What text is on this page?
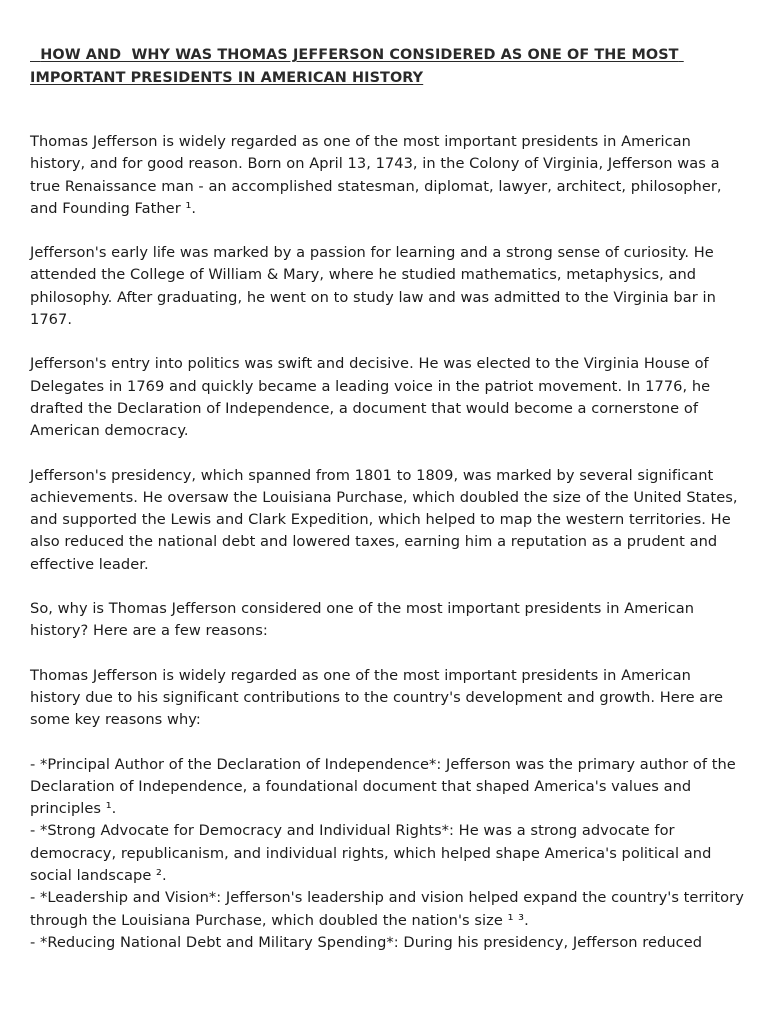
HOW AND  WHY WAS THOMAS JEFFERSON CONSIDERED AS ONE OF THE MOST IMPORTANT PRESIDENTS IN AMERICAN HISTORY

Thomas Jefferson is widely regarded as one of the most important presidents in American history, and for good reason. Born on April 13, 1743, in the Colony of Virginia, Jefferson was a true Renaissance man - an accomplished statesman, diplomat, lawyer, architect, philosopher, and Founding Father ¹.

Jefferson's early life was marked by a passion for learning and a strong sense of curiosity. He attended the College of William & Mary, where he studied mathematics, metaphysics, and philosophy. After graduating, he went on to study law and was admitted to the Virginia bar in 1767.

Jefferson's entry into politics was swift and decisive. He was elected to the Virginia House of Delegates in 1769 and quickly became a leading voice in the patriot movement. In 1776, he drafted the Declaration of Independence, a document that would become a cornerstone of American democracy.

Jefferson's presidency, which spanned from 1801 to 1809, was marked by several significant achievements. He oversaw the Louisiana Purchase, which doubled the size of the United States, and supported the Lewis and Clark Expedition, which helped to map the western territories. He also reduced the national debt and lowered taxes, earning him a reputation as a prudent and effective leader.

So, why is Thomas Jefferson considered one of the most important presidents in American history? Here are a few reasons:

Thomas Jefferson is widely regarded as one of the most important presidents in American history due to his significant contributions to the country's development and growth. Here are some key reasons why:

- *Principal Author of the Declaration of Independence*: Jefferson was the primary author of the Declaration of Independence, a foundational document that shaped America's values and principles ¹.
- *Strong Advocate for Democracy and Individual Rights*: He was a strong advocate for democracy, republicanism, and individual rights, which helped shape America's political and social landscape ².
- *Leadership and Vision*: Jefferson's leadership and vision helped expand the country's territory through the Louisiana Purchase, which doubled the nation's size ¹ ³.
- *Reducing National Debt and Military Spending*: During his presidency, Jefferson reduced
